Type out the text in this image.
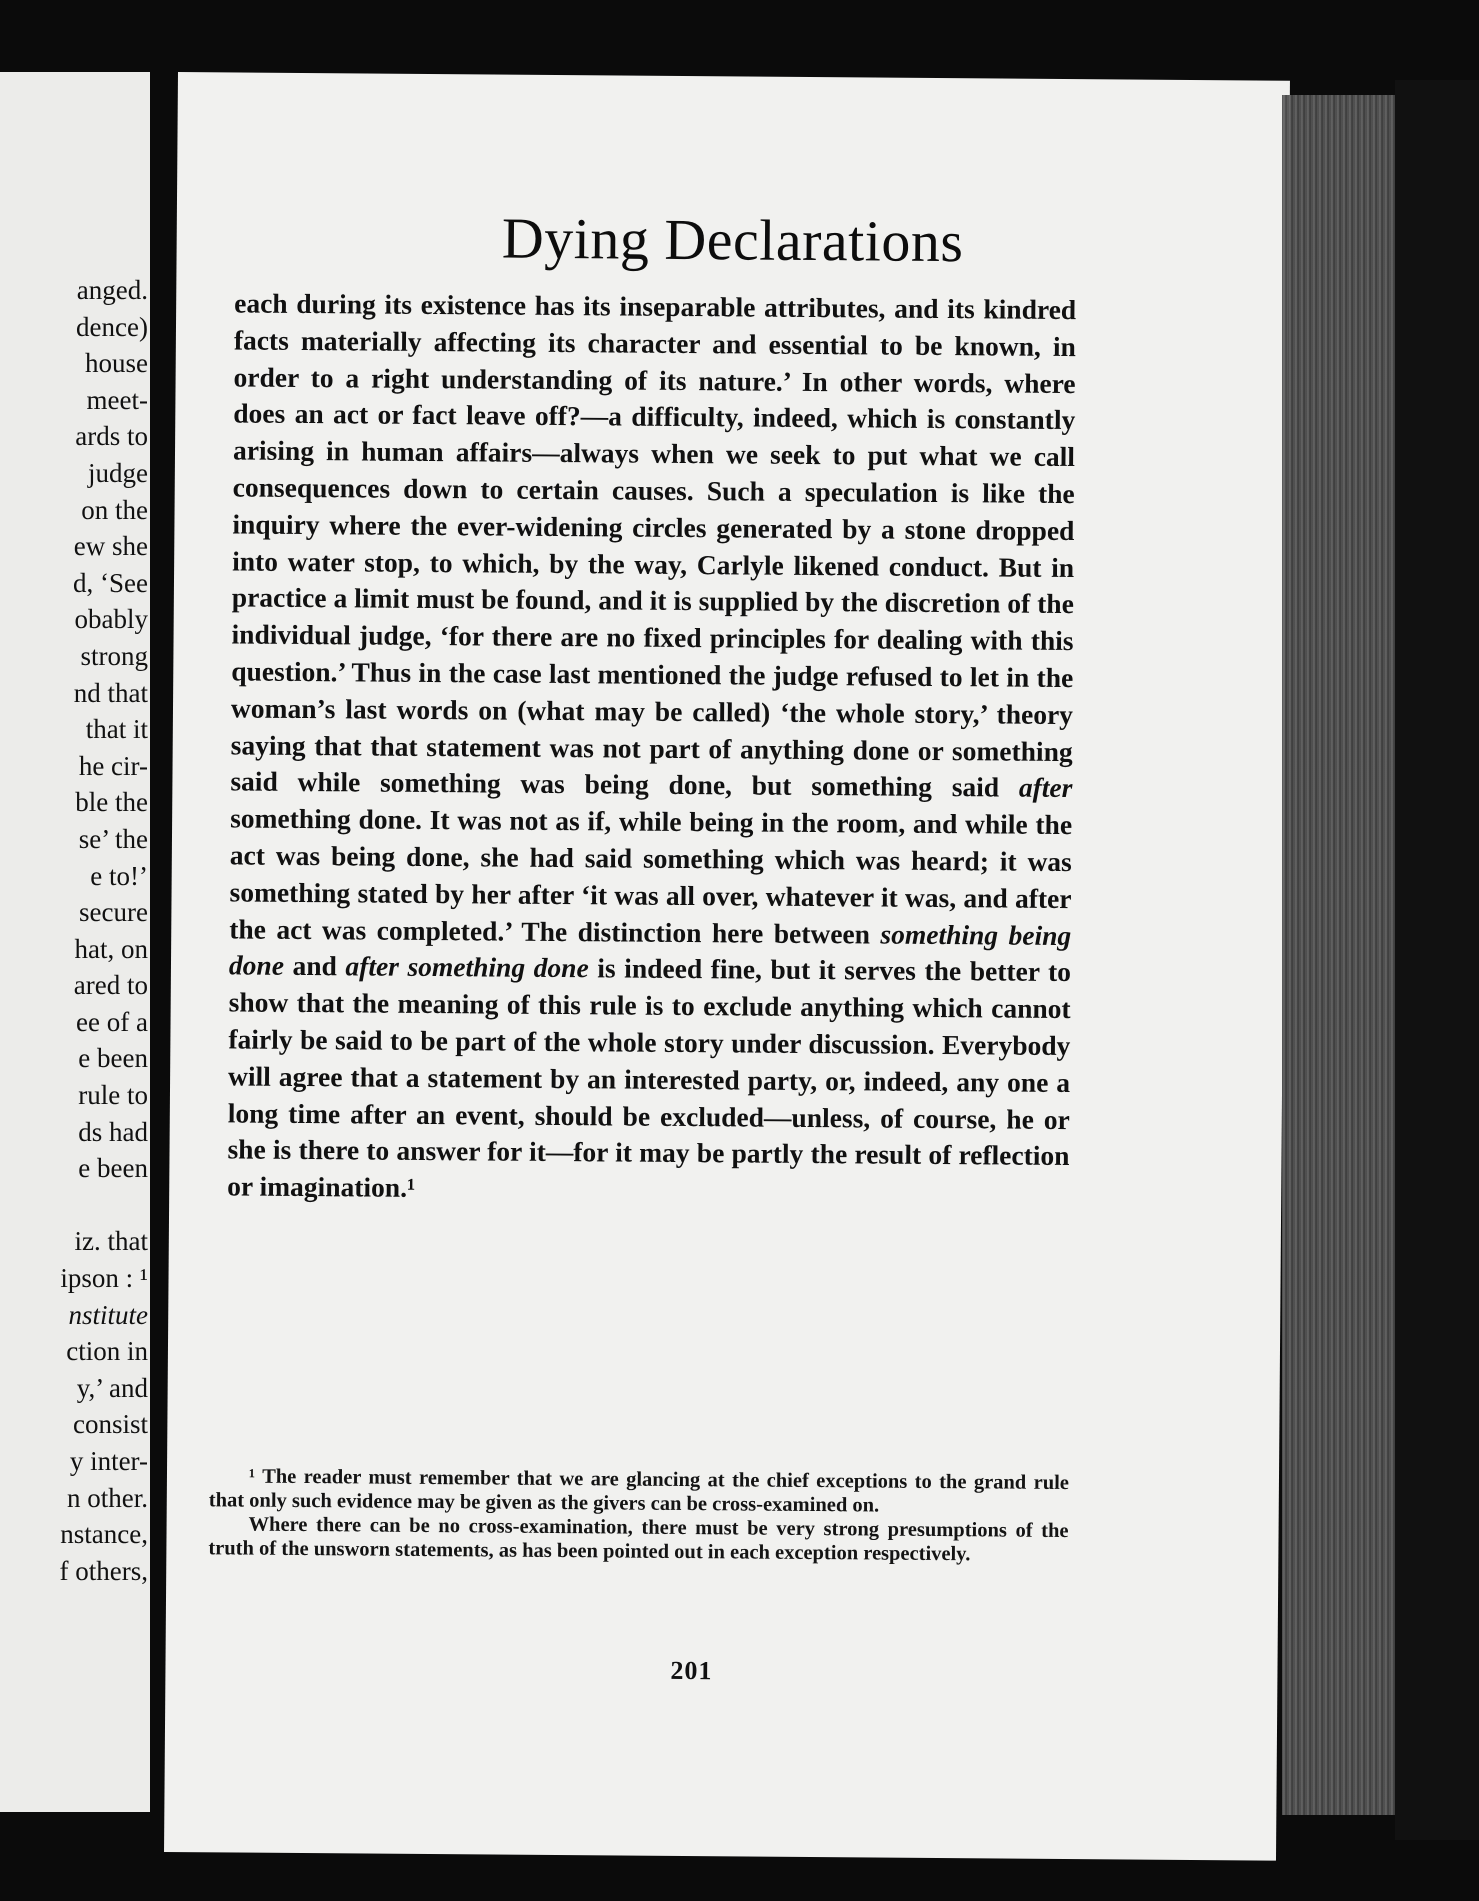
anged.
dence)
house
meet-
ards to
judge
on the
ew she
d, ‘See
obably
strong
nd that
that it
he cir-
ble the
se’ the
e to!’
secure
hat, on
ared to
ee of a
e been
rule to
ds had
e been
iz. that
ipson : ¹
nstitute
ction in
y,’ and
consist
y inter-
n other.
nstance,
f others,
Dying Declarations
each during its existence has its inseparable attributes, and its kindred facts materially affecting its character and essential to be known, in order to a right understanding of its nature.’ In other words, where does an act or fact leave off?—a difficulty, indeed, which is constantly arising in human affairs—always when we seek to put what we call consequences down to certain causes. Such a speculation is like the inquiry where the ever-widening circles generated by a stone dropped into water stop, to which, by the way, Carlyle likened conduct. But in practice a limit must be found, and it is supplied by the discretion of the individual judge, ‘for there are no fixed principles for dealing with this question.’ Thus in the case last mentioned the judge refused to let in the woman’s last words on (what may be called) ‘the whole story,’ theory saying that that statement was not part of anything done or something said while something was being done, but something said after something done. It was not as if, while being in the room, and while the act was being done, she had said something which was heard; it was something stated by her after ‘it was all over, whatever it was, and after the act was completed.’ The distinction here between something being done and after something done is indeed fine, but it serves the better to show that the meaning of this rule is to exclude anything which cannot fairly be said to be part of the whole story under discussion. Everybody will agree that a statement by an interested party, or, indeed, any one a long time after an event, should be excluded—unless, of course, he or she is there to answer for it—for it may be partly the result of reflection or imagination.¹

¹ The reader must remember that we are glancing at the chief exceptions to the grand rule that only such evidence may be given as the givers can be cross-examined on.

Where there can be no cross-examination, there must be very strong presumptions of the truth of the unsworn statements, as has been pointed out in each exception respectively.

201
